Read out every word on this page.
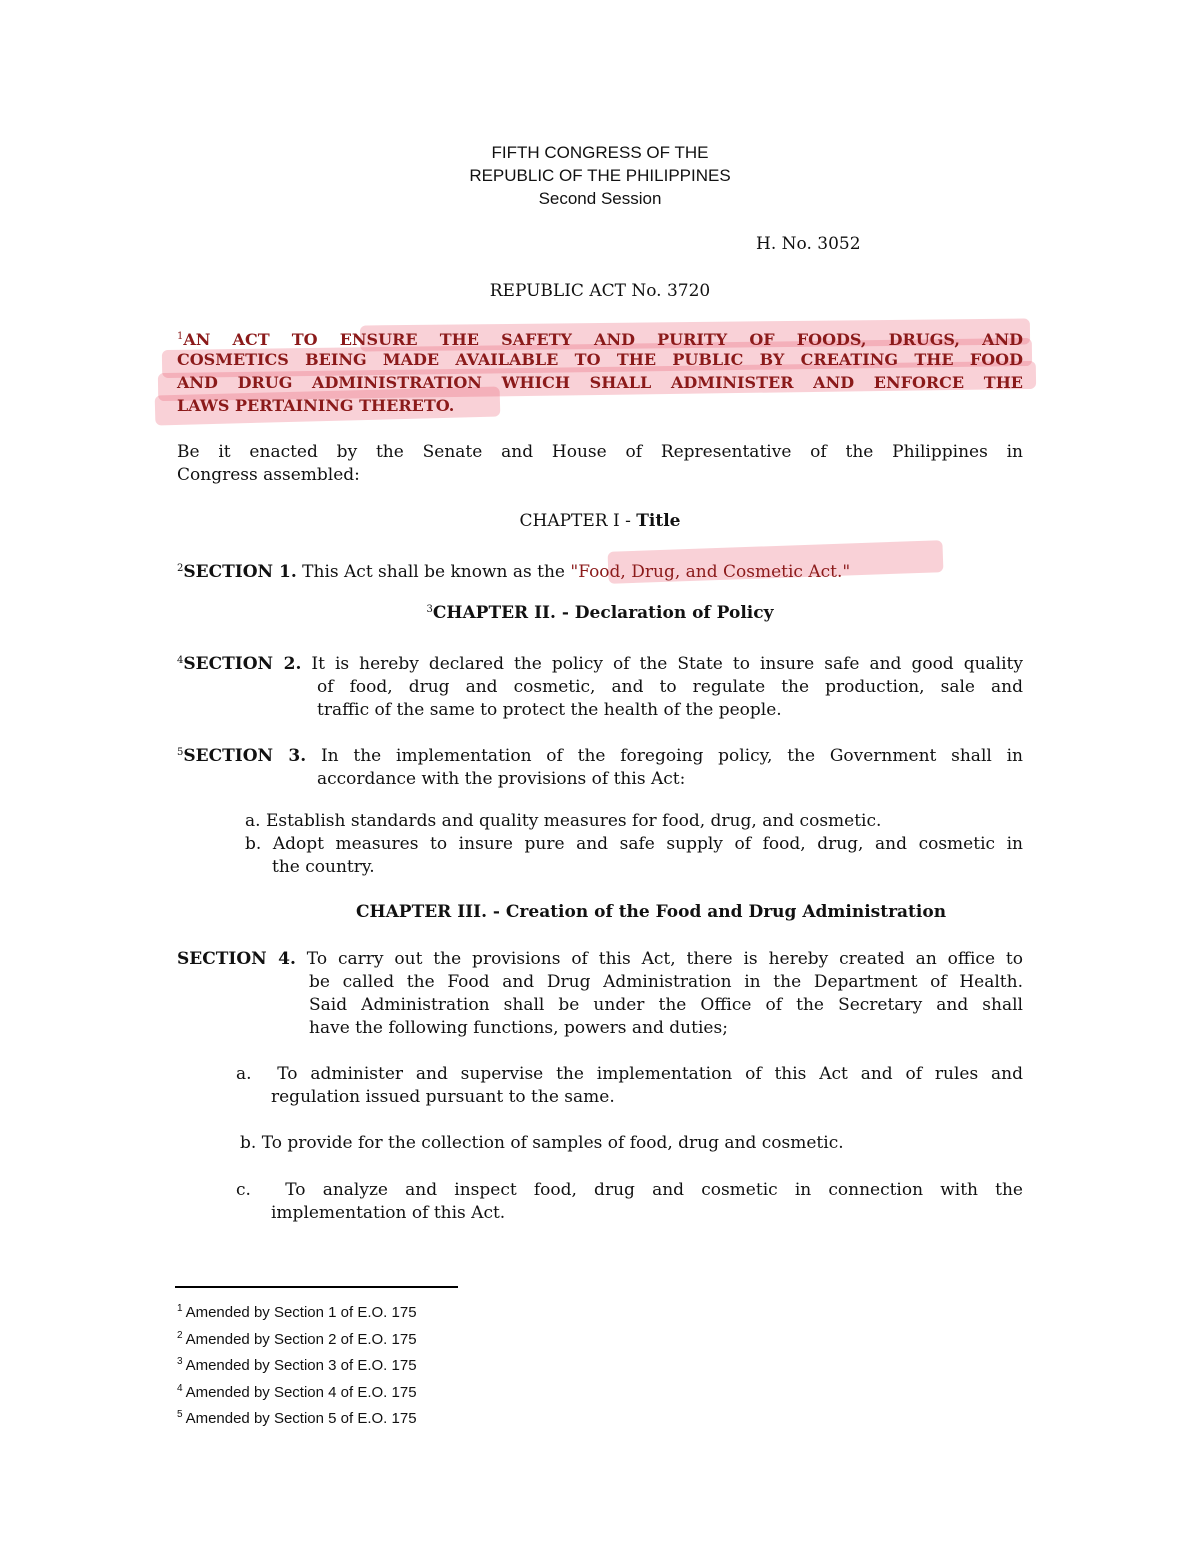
FIFTH CONGRESS OF THE
REPUBLIC OF THE PHILIPPINES
Second Session
H. No. 3052
REPUBLIC ACT No. 3720
$^1$AN ACT TO ENSURE THE SAFETY AND PURITY OF FOODS, DRUGS, AND
COSMETICS BEING MADE AVAILABLE TO THE PUBLIC BY CREATING THE FOOD
AND DRUG ADMINISTRATION WHICH SHALL ADMINISTER AND ENFORCE THE
LAWS PERTAINING THERETO.
Be it enacted by the Senate and House of Representative of the Philippines in
Congress assembled:
CHAPTER I - Title
$^2$SECTION 1. This Act shall be known as the "Food, Drug, and Cosmetic Act."
$^3$CHAPTER II. - Declaration of Policy
$^4$SECTION 2. It is hereby declared the policy of the State to insure safe and good quality
of food, drug and cosmetic, and to regulate the production, sale and
traffic of the same to protect the health of the people.
$^5$SECTION 3. In the implementation of the foregoing policy, the Government shall in
accordance with the provisions of this Act:
a. Establish standards and quality measures for food, drug, and cosmetic.
b. Adopt measures to insure pure and safe supply of food, drug, and cosmetic in
the country.
CHAPTER III. - Creation of the Food and Drug Administration
SECTION 4. To carry out the provisions of this Act, there is hereby created an office to
be called the Food and Drug Administration in the Department of Health.
Said Administration shall be under the Office of the Secretary and shall
have the following functions, powers and duties;
a. To administer and supervise the implementation of this Act and of rules and
regulation issued pursuant to the same.
b. To provide for the collection of samples of food, drug and cosmetic.
c. To analyze and inspect food, drug and cosmetic in connection with the
implementation of this Act.
$^1$ Amended by Section 1 of E.O. 175
$^2$ Amended by Section 2 of E.O. 175
$^3$ Amended by Section 3 of E.O. 175
$^4$ Amended by Section 4 of E.O. 175
$^5$ Amended by Section 5 of E.O. 175
